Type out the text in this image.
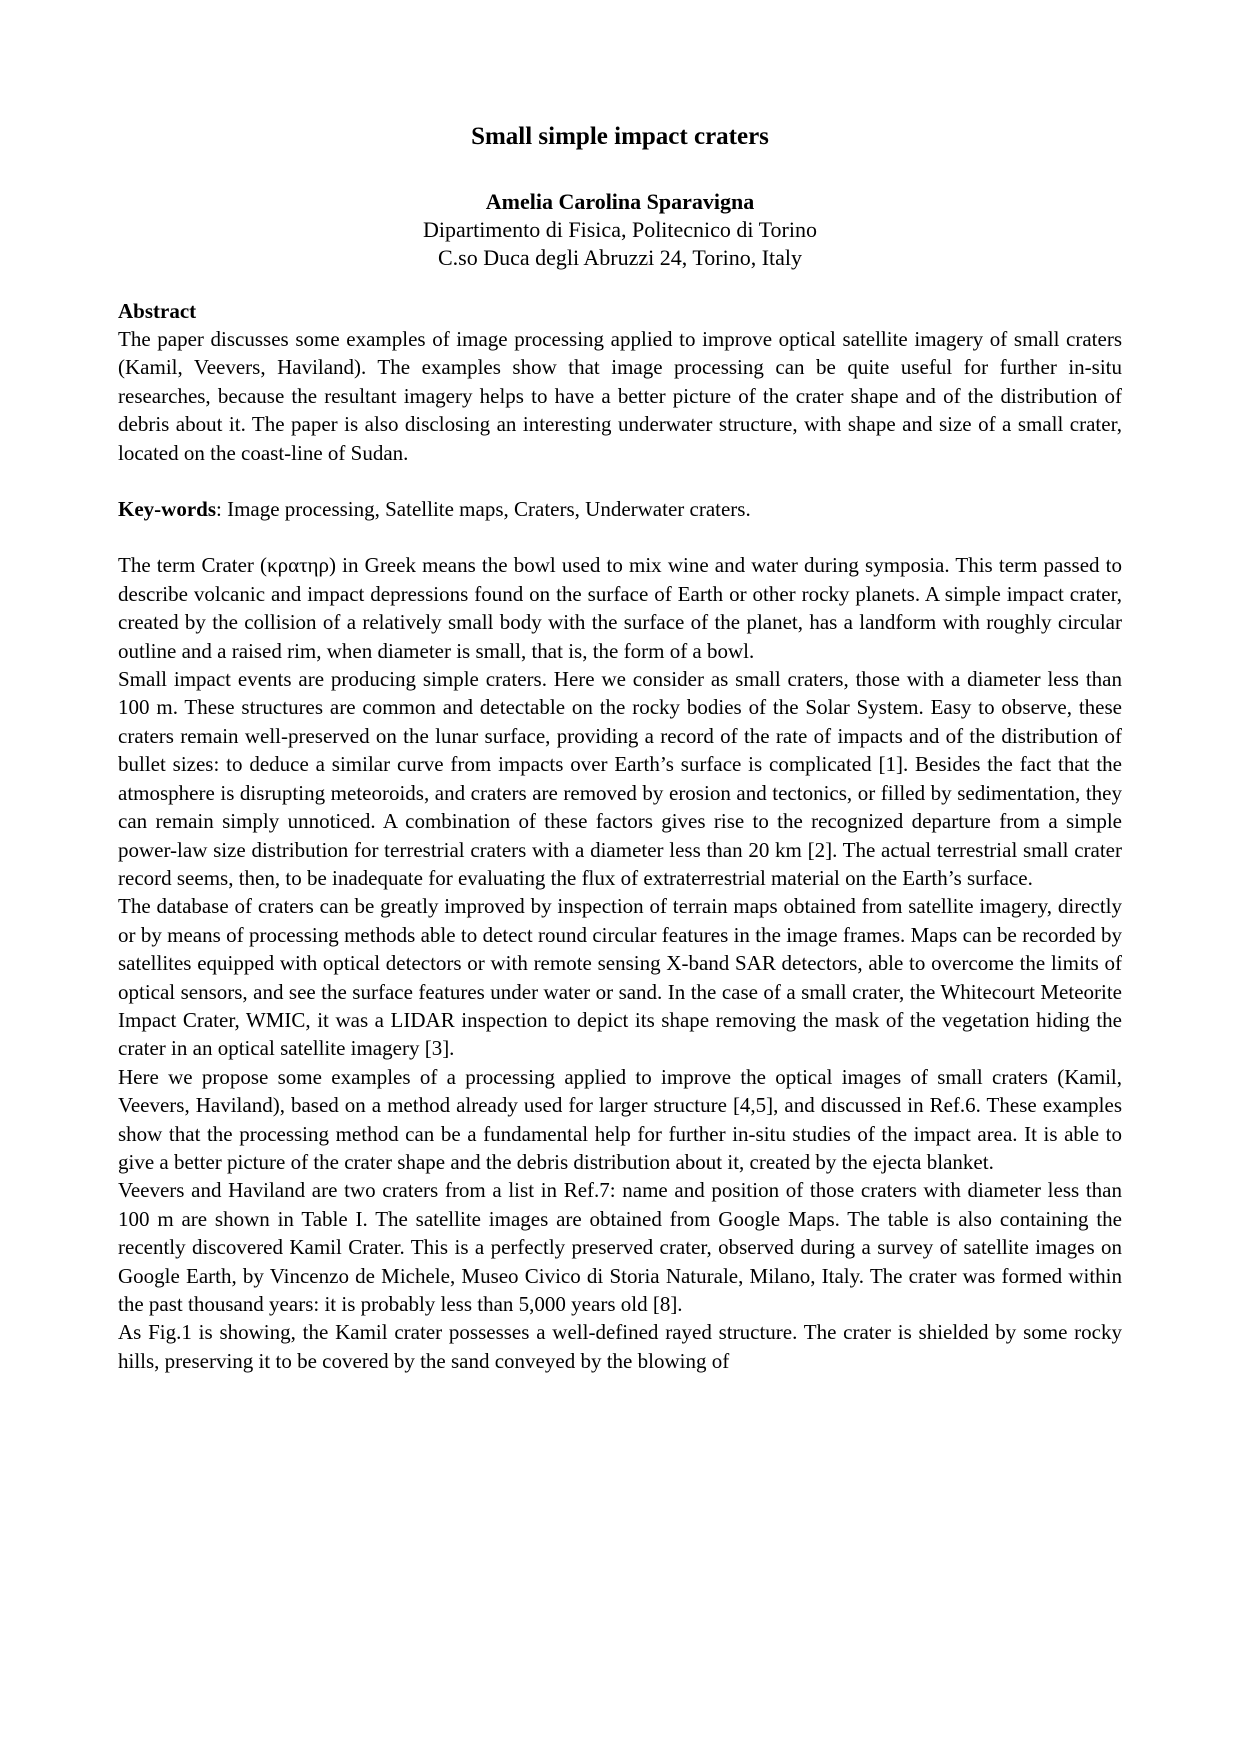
Small simple impact craters
Amelia Carolina Sparavigna
Dipartimento di Fisica, Politecnico di Torino
C.so Duca degli Abruzzi 24, Torino, Italy
Abstract

The paper discusses some examples of image processing applied to improve optical satellite imagery of small craters (Kamil, Veevers, Haviland). The examples show that image processing can be quite useful for further in-situ researches, because the resultant imagery helps to have a better picture of the crater shape and of the distribution of debris about it. The paper is also disclosing an interesting underwater structure, with shape and size of a small crater, located on the coast-line of Sudan.

Key-words: Image processing, Satellite maps, Craters, Underwater craters.

The term Crater (κρατηρ) in Greek means the bowl used to mix wine and water during symposia. This term passed to describe volcanic and impact depressions found on the surface of Earth or other rocky planets. A simple impact crater, created by the collision of a relatively small body with the surface of the planet, has a landform with roughly circular outline and a raised rim, when diameter is small, that is, the form of a bowl.

Small impact events are producing simple craters. Here we consider as small craters, those with a diameter less than 100 m. These structures are common and detectable on the rocky bodies of the Solar System. Easy to observe, these craters remain well-preserved on the lunar surface, providing a record of the rate of impacts and of the distribution of bullet sizes: to deduce a similar curve from impacts over Earth’s surface is complicated [1]. Besides the fact that the atmosphere is disrupting meteoroids, and craters are removed by erosion and tectonics, or filled by sedimentation, they can remain simply unnoticed. A combination of these factors gives rise to the recognized departure from a simple power-law size distribution for terrestrial craters with a diameter less than 20 km [2]. The actual terrestrial small crater record seems, then, to be inadequate for evaluating the flux of extraterrestrial material on the Earth’s surface.

The database of craters can be greatly improved by inspection of terrain maps obtained from satellite imagery, directly or by means of processing methods able to detect round circular features in the image frames. Maps can be recorded by satellites equipped with optical detectors or with remote sensing X-band SAR detectors, able to overcome the limits of optical sensors, and see the surface features under water or sand. In the case of a small crater, the Whitecourt Meteorite Impact Crater, WMIC, it was a LIDAR inspection to depict its shape removing the mask of the vegetation hiding the crater in an optical satellite imagery [3].

Here we propose some examples of a processing applied to improve the optical images of small craters (Kamil, Veevers, Haviland), based on a method already used for larger structure [4,5], and discussed in Ref.6. These examples show that the processing method can be a fundamental help for further in-situ studies of the impact area. It is able to give a better picture of the crater shape and the debris distribution about it, created by the ejecta blanket.

Veevers and Haviland are two craters from a list in Ref.7: name and position of those craters with diameter less than 100 m are shown in Table I. The satellite images are obtained from Google Maps. The table is also containing the recently discovered Kamil Crater. This is a perfectly preserved crater, observed during a survey of satellite images on Google Earth, by Vincenzo de Michele, Museo Civico di Storia Naturale, Milano, Italy. The crater was formed within the past thousand years: it is probably less than 5,000 years old [8].

As Fig.1 is showing, the Kamil crater possesses a well-defined rayed structure. The crater is shielded by some rocky hills, preserving it to be covered by the sand conveyed by the blowing of
